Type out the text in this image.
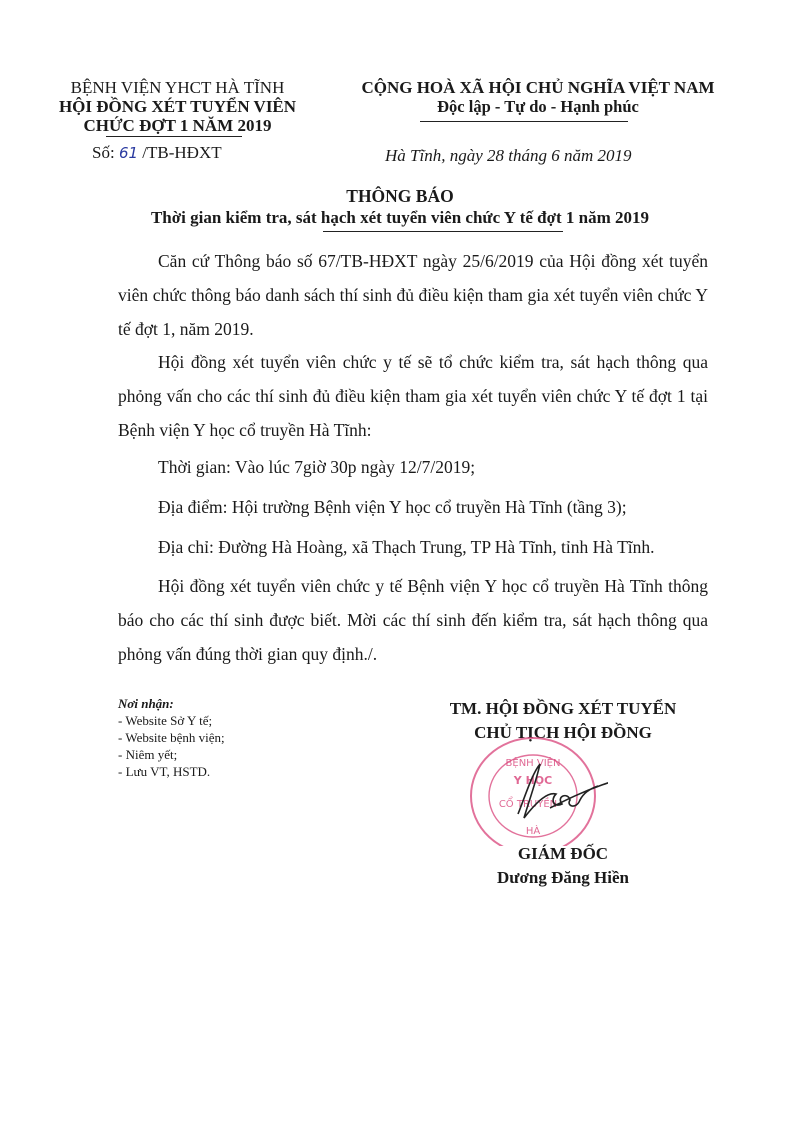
BỆNH VIỆN YHCT HÀ TĨNH
HỘI ĐỒNG XÉT TUYỂN VIÊN
CHỨC ĐỢT 1 NĂM 2019
Số: 61 /TB-HĐXT
CỘNG HOÀ XÃ HỘI CHỦ NGHĨA VIỆT NAM
Độc lập - Tự do - Hạnh phúc
Hà Tĩnh, ngày 28 tháng 6 năm 2019
THÔNG BÁO
Thời gian kiểm tra, sát hạch xét tuyển viên chức Y tế đợt 1 năm 2019
Căn cứ Thông báo số 67/TB-HĐXT ngày 25/6/2019 của Hội đồng xét tuyển viên chức thông báo danh sách thí sinh đủ điều kiện tham gia xét tuyển viên chức Y tế đợt 1, năm 2019.
Hội đồng xét tuyển viên chức y tế sẽ tổ chức kiểm tra, sát hạch thông qua phỏng vấn cho các thí sinh đủ điều kiện tham gia xét tuyển viên chức Y tế đợt 1 tại Bệnh viện Y học cổ truyền Hà Tĩnh:
Thời gian: Vào lúc 7giờ 30p ngày 12/7/2019;
Địa điểm: Hội trường Bệnh viện Y học cổ truyền Hà Tĩnh (tầng 3);
Địa chỉ: Đường Hà Hoàng, xã Thạch Trung, TP Hà Tĩnh, tỉnh Hà Tĩnh.
Hội đồng xét tuyển viên chức y tế Bệnh viện Y học cổ truyền Hà Tĩnh thông báo cho các thí sinh được biết. Mời các thí sinh đến kiểm tra, sát hạch thông qua phỏng vấn đúng thời gian quy định./.
Nơi nhận:
- Website Sở Y tế;
- Website bệnh viện;
- Niêm yết;
- Lưu VT, HSTD.
TM. HỘI ĐỒNG XÉT TUYỂN
CHỦ TỊCH HỘI ĐỒNG
BỆNH VIỆN
Y HỌC
CỔ TRUYỀN
HÀ
GIÁM ĐỐC
Dương Đăng Hiền
